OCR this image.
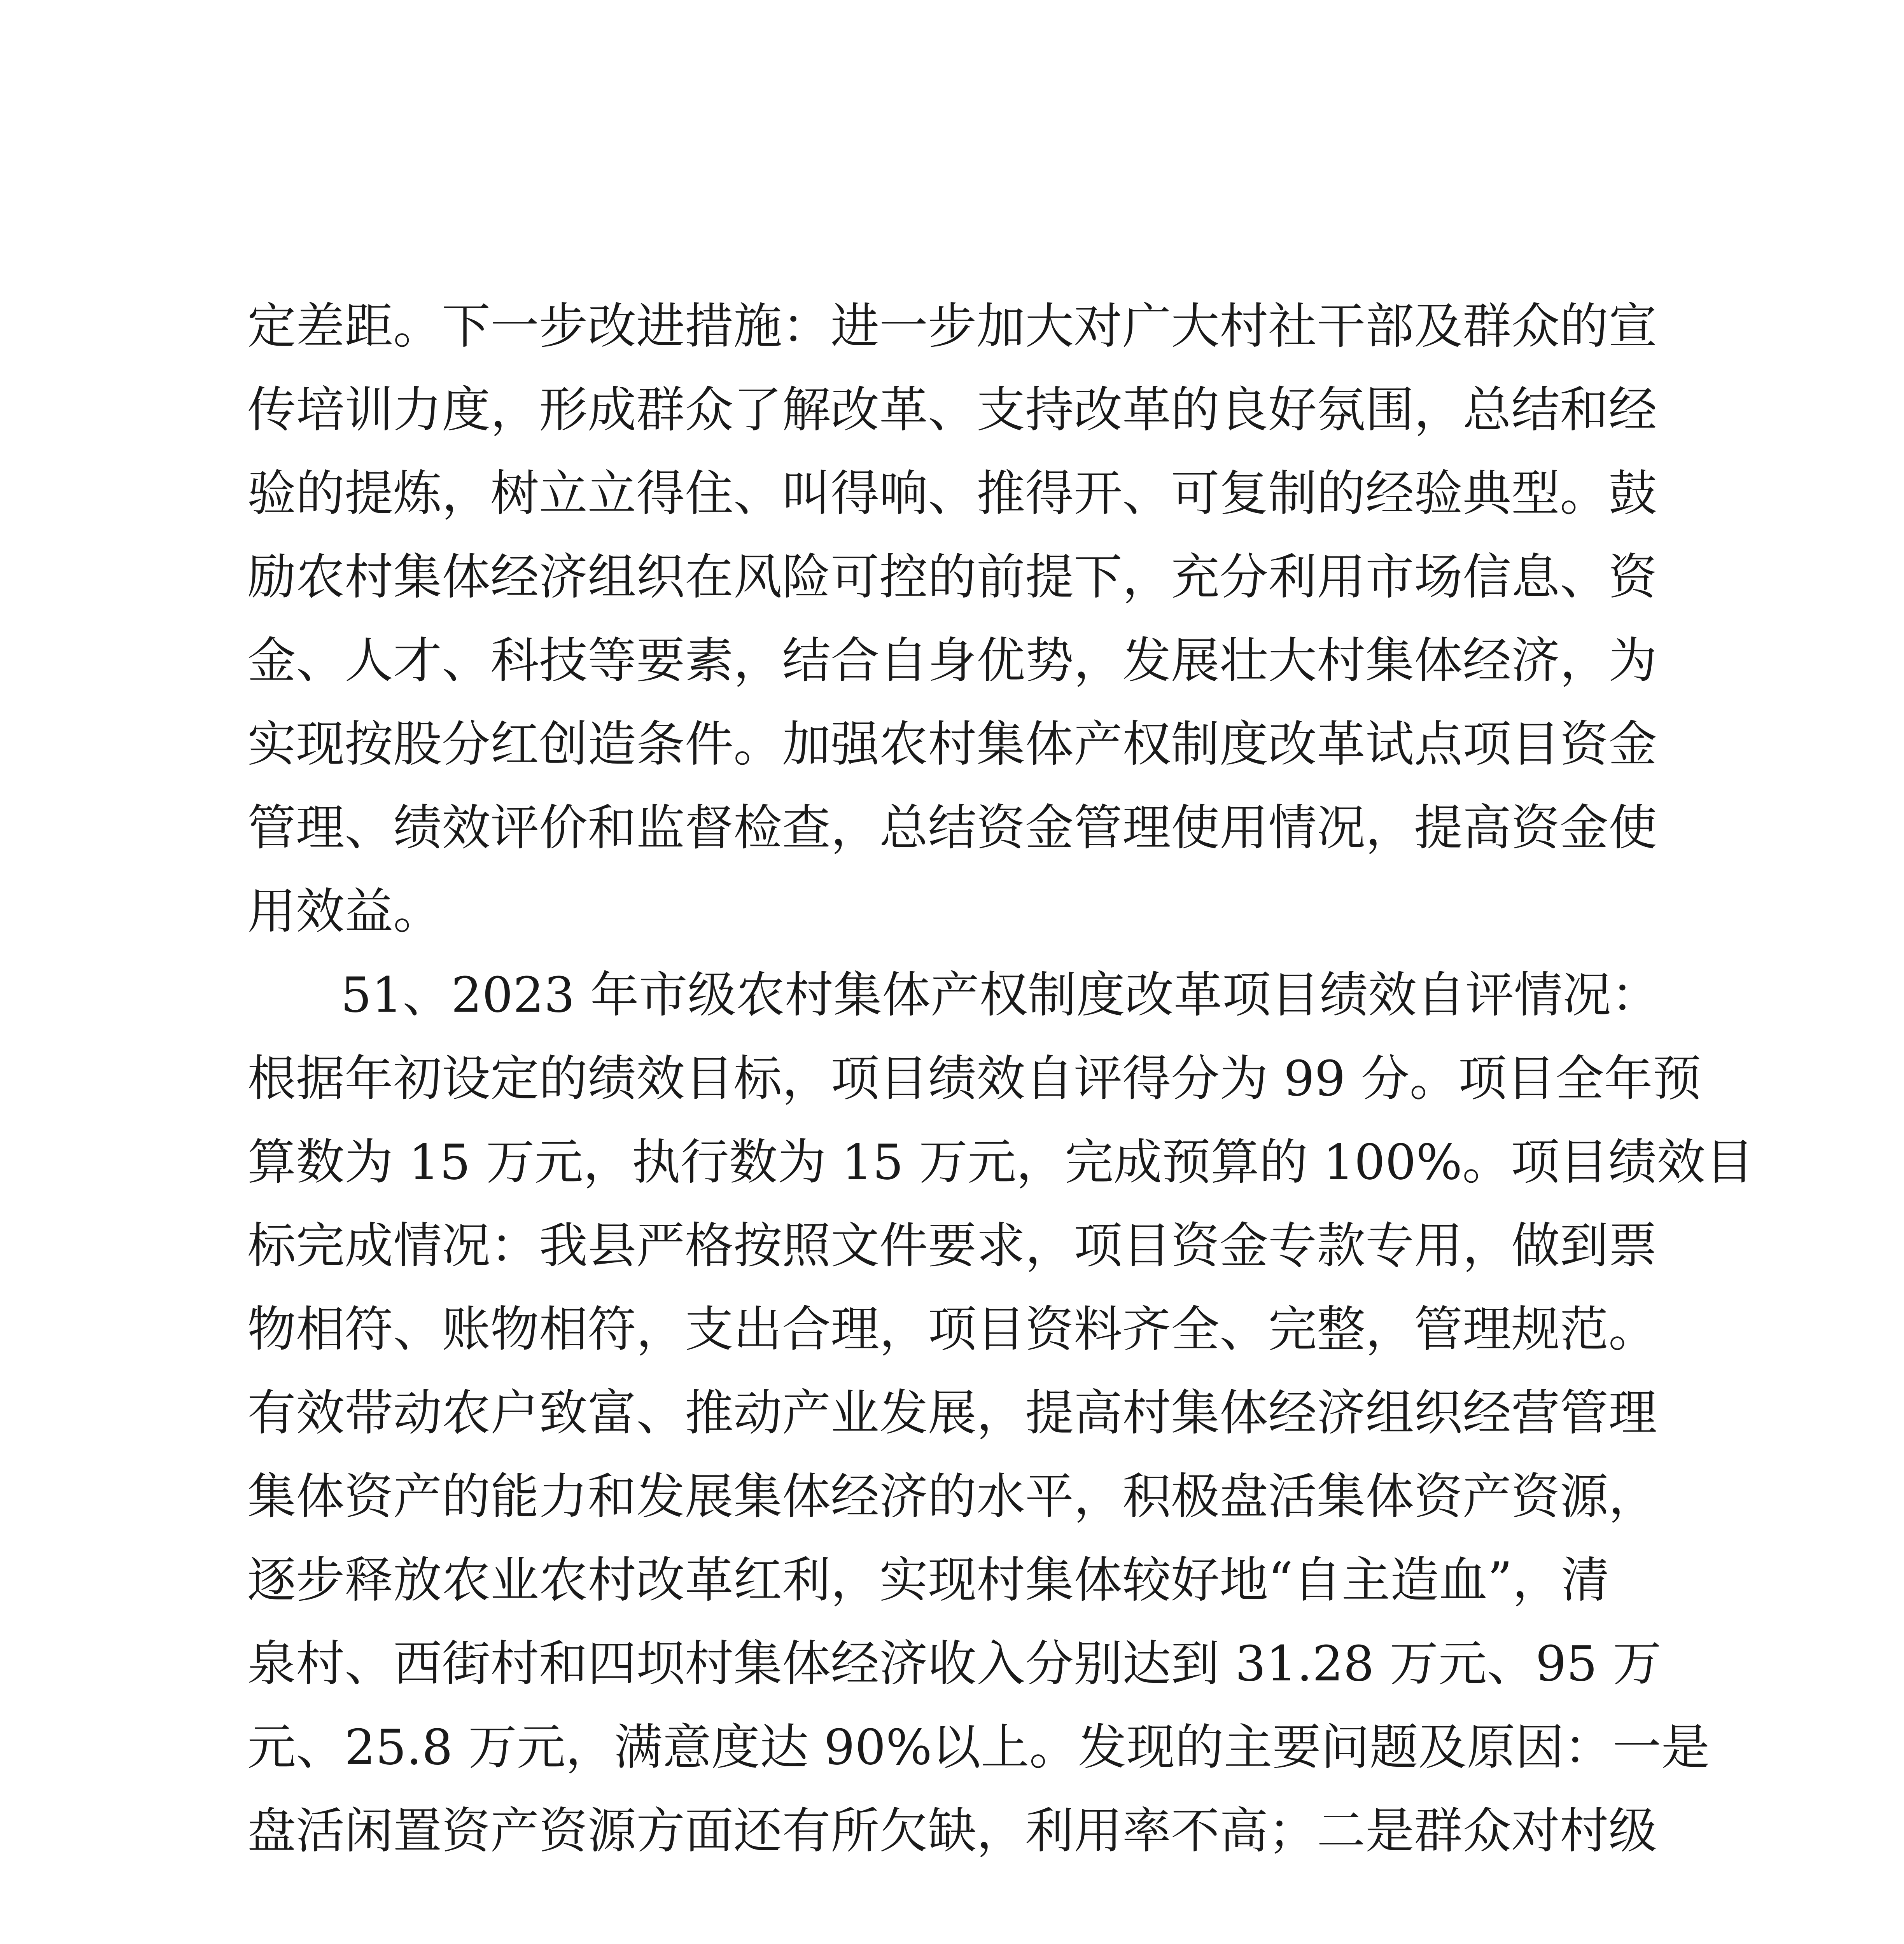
定差距。下一步改进措施：进一步加大对广大村社干部及群众的宣
传培训力度，形成群众了解改革、支持改革的良好氛围，总结和经
验的提炼，树立立得住、叫得响、推得开、可复制的经验典型。鼓
励农村集体经济组织在风险可控的前提下，充分利用市场信息、资
金、人才、科技等要素，结合自身优势，发展壮大村集体经济，为
实现按股分红创造条件。加强农村集体产权制度改革试点项目资金
管理、绩效评价和监督检查，总结资金管理使用情况，提高资金使
用效益。
51、2023 年市级农村集体产权制度改革项目绩效自评情况：
根据年初设定的绩效目标，项目绩效自评得分为 99 分。项目全年预
算数为 15 万元，执行数为 15 万元，完成预算的 100%。项目绩效目
标完成情况：我县严格按照文件要求，项目资金专款专用，做到票
物相符、账物相符，支出合理，项目资料齐全、完整，管理规范。
有效带动农户致富、推动产业发展，提高村集体经济组织经营管理
集体资产的能力和发展集体经济的水平，积极盘活集体资产资源，
逐步释放农业农村改革红利，实现村集体较好地“自主造血”，清
泉村、西街村和四坝村集体经济收入分别达到 31.28 万元、95 万
元、25.8 万元，满意度达 90%以上。发现的主要问题及原因：一是
盘活闲置资产资源方面还有所欠缺，利用率不高；二是群众对村级
